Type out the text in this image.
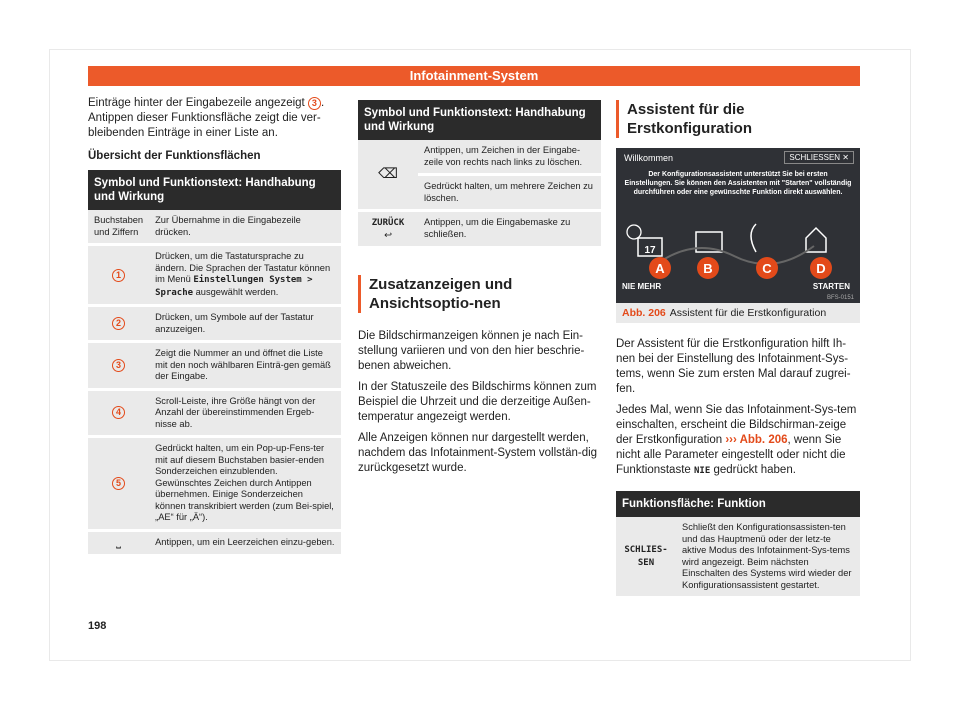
Infotainment-System

Einträge hinter der Eingabezeile angezeigt 3 . Antippen dieser Funktionsfläche zeigt die ver-bleibenden Einträge in einer Liste an.

Übersicht der Funktionsflächen

Symbol und Funktionstext: Handhabung und Wirkung	
Buchstaben und Ziffern	Zur Übernahme in die Eingabezeile drücken.
1	Drücken, um die Tastatursprache zu ändern. Die Sprachen der Tastatur können im Menü Einstellungen System > Sprache ausgewählt werden.
2	Drücken, um Symbole auf der Tastatur anzuzeigen.
3	Zeigt die Nummer an und öffnet die Liste mit den noch wählbaren Einträ-gen gemäß der Eingabe.
4	Scroll-Leiste, ihre Größe hängt von der Anzahl der übereinstimmenden Ergeb-nisse ab.
5	Gedrückt halten, um ein Pop-up-Fens-ter mit auf diesem Buchstaben basier-enden Sonderzeichen einzublenden. Gewünschtes Zeichen durch Antippen übernehmen. Einige Sonderzeichen können transkribiert werden (zum Bei-spiel, „AE“ für „Ä“).
⎵	Antippen, um ein Leerzeichen einzu-geben.
Symbol und Funktionstext: Handhabung und Wirkung	
⌫	Antippen, um Zeichen in der Eingabe-zeile von rechts nach links zu löschen.
	Gedrückt halten, um mehrere Zeichen zu löschen.
ZURÜCK
↩	Antippen, um die Eingabemaske zu schließen.
Zusatzanzeigen und Ansichtsoptio-nen

Die Bildschirmanzeigen können je nach Ein-stellung variieren und von den hier beschrie-benen abweichen.

In der Statuszeile des Bildschirms können zum Beispiel die Uhrzeit und die derzeitige Außen-temperatur angezeigt werden.

Alle Anzeigen können nur dargestellt werden, nachdem das Infotainment-System vollstän-dig zurückgesetzt wurde.

Assistent für die Erstkonfiguration
Willkommen	SCHLIESSEN ✕
Der Konfigurationsassistent unterstützt Sie bei ersten Einstellungen. Sie können den Assistenten mit "Starten" vollständig durchführen oder eine gewünschte Funktion direkt auswählen.
17
A	B	C	D
NIE MEHR	STARTEN
BFS-0151
Abb. 206 Assistent für die Erstkonfiguration

Der Assistent für die Erstkonfiguration hilft Ih-nen bei der Einstellung des Infotainment-Sys-tems, wenn Sie zum ersten Mal darauf zugrei-fen.

Jedes Mal, wenn Sie das Infotainment-Sys-tem einschalten, erscheint die Bildschirman-zeige der Erstkonfiguration ››› Abb. 206, wenn Sie nicht alle Parameter eingestellt oder nicht die Funktionstaste NIE gedrückt haben.

Funktionsfläche: Funktion
SCHLIES-SEN	Schließt den Konfigurationsassisten-ten und das Hauptmenü oder der letz-te aktive Modus des Infotainment-Sys-tems wird angezeigt. Beim nächsten Einschalten des Systems wird wieder der Konfigurationsassistent gestartet.
198
